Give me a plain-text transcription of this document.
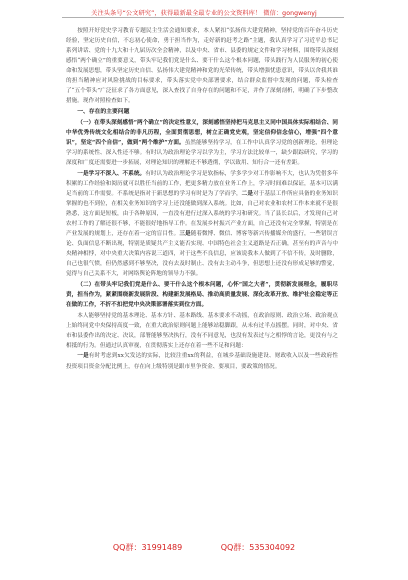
关注头条号“公文研究”，获得最新最全最专业的公文资料库！ 微信：gongwenyj

按照开好党史学习教育专题民主生活会通知要求，本人紧扣“弘扬伟大建党精神，坚持党的百年奋斗历史经验，坚定历史自信，不忘初心使命，勇于担当作为，走好新的赶考之路”主题，我认真学习了习近平总书记系列讲话、党的十九大和十九届历次全会精神，以及中央、省市、县委的规定文件和学习材料，围绕带头深刻感悟“两个确立”的重要意义，带头牢记我们党是什么、要干什么这个根本问题，带头践行为人民服务的初心使命和发展思想，带头坚定历史自信、弘扬伟大建党精神和党的光荣传统，带头增强忧患意识，带头以舍我其谁的担当精神应对风险挑战的目标要求，带头落实党中央部署要求，结合群众监督中发现的问题，带头检查了“五个带头”广泛征求了各方面意见，深入查找了自身存在的问题和不足，并作了深刻剖析，明确了下步整改措施。现作对照检查如下。

一、存在的主要问题

（一）在带头深刻感悟“两个确立”的决定性意义，深刻感悟坚持把马克思主义同中国具体实际相结合、同中华优秀传统文化相结合的非凡历程，全面贯彻思想，树立正确党史观，坚定信仰信念信心，增强“四个意识”，坚定“四个自信”，做到“两个维护”方面。虽然能够坚持学习，在工作中认真学习党的创新理论，但理论学习的系统性、深入性还不够。有时认为政治理论学习以学为主，学习方法比较单一，缺少跟踪研究，学习的深度和广度还需要进一步拓展，对理论知识的理解还不够透彻，学以致用、知行合一还有差距。

一是学习不深入、不系统。有时认为政治理论学习是软指标，学多学少对工作影响不大，也认为凭借多年积累的工作经验和阅历就可以胜任当前的工作，把更多精力放在业务工作上，学习时间难以保证，基本可以满足当前的工作需要。不系统是指对于新思想的学习有时是为了学而学，二是对于基层工作所应具备的业务知识掌握的也不到位，在相关业务知识的学习上还没能做到深入系统。比如，自己对农业和农村工作本来就不是很熟悉，这方面是短板，由于各种原因，一直没有进行过深入系统的学习和研究。当了县长以后，才发现自己对农村工作的了解还很不够，不能很好地指导工作。在发展乡村振兴产业方面，自己还没有完全掌握，特别是在产业发展的规划上，还存在着一定的盲目性。三是随着微博、微信、博客等新兴传播媒介的盛行，一些错误言论、负面信息不断出现，特别是质疑共产主义能否实现、中国特色社会主义道路是否正确，甚至有的声音与中央精神相悖，对中央重大决策内容说三道四，对于这些不良信息，应该说我本人做到了不信不传，及时删除，自己也很气愤，但仍然感到不够坚决，没有去及时制止、没有去主动斗争，但思想上还没有形成足够的警觉，觉得与自己关系不大，对网络舆论阵地的领导力不强。

（二）在带头牢记我们党是什么、要干什么这个根本问题，心怀“国之大者”，贯彻新发展理念，履职尽责，担当作为，紧紧围绕新发展阶段、构建新发展格局、推动高质量发展、深化改革开放、维护社会稳定等正在做的工作，不折不扣把党中央决策部署落实到位方面。

本人能够坚持党的基本理论、基本方针、基本路线、基本要求不动摇，在政治原则、政治立场、政治观点上始终同党中央保持高度一致，在重大政治原则问题上能够站稳脚跟，从未有过半点摇摆。同时，对中央、省市和县委作出的决定、决议，部署能够坚决执行，没有不同意见，也没有发表过与之相悖的言论，更没有与之相抵的行为。但通过认真审视，在贯彻落实上还存在着一些不足和问题：

一是有时考虑到xx欠发达的实际，比较注重xx的利益，在城乡基础设施建设、财政收入以及一些政府性投资项目资金分配比例上，存在向上级特别是跟市里争资金、要项目，要政策的情况。

QQ群：31991489	QQ群：535304092
